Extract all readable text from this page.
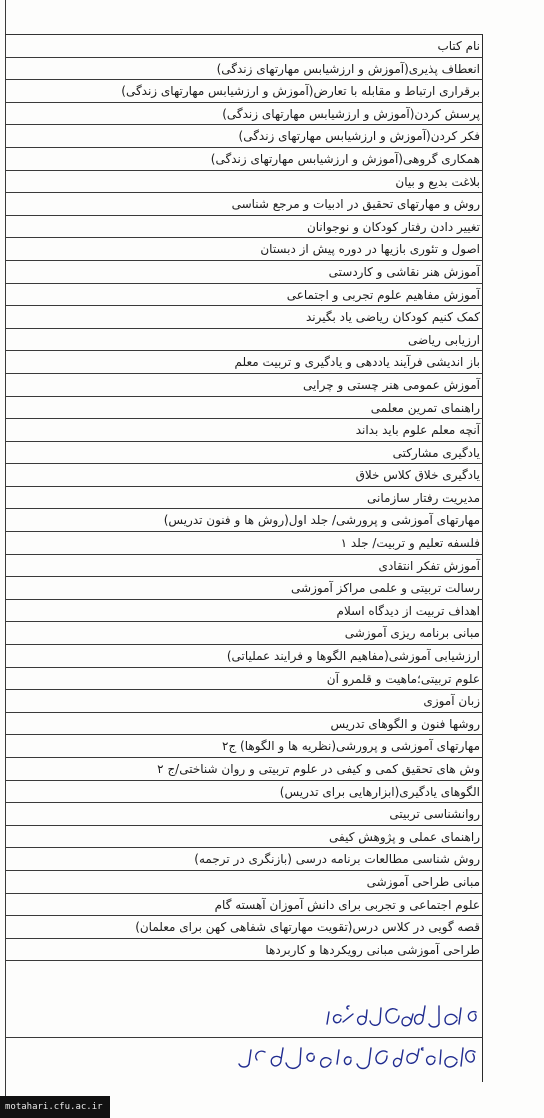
نام کتاب
انعطاف پذیری(آموزش و ارزشیابس مهارتهای زندگی)
برقراری ارتباط و مقابله با تعارض(آموزش و ارزشیابس مهارتهای زندگی)
پرسش کردن(آموزش و ارزشیابس مهارتهای زندگی)
فکر کردن(آموزش و ارزشیابس مهارتهای زندگی)
همکاری گروهی(آموزش و ارزشیابس مهارتهای زندگی)
بلاغت بدیع و بیان
روش و مهارتهای تحقیق در ادبیات و مرجع شناسی
تغییر دادن رفتار کودکان و نوجوانان
اصول و تئوری بازیها در دوره پیش از دبستان
آموزش هنر نقاشی و کاردستی
آموزش مفاهیم علوم تجربی و اجتماعی
کمک کنیم کودکان ریاضی یاد بگیرند
ارزیابی ریاضی
باز اندیشی فرآیند یاددهی و یادگیری و تربیت معلم
آموزش عمومی هنر چستی و چرایی
راهنمای تمرین معلمی
آنچه معلم علوم باید بداند
یادگیری مشارکتی
یادگیری خلاق کلاس خلاق
مدیریت رفتار سازمانی
مهارتهای آموزشی و پرورشی/ جلد اول(روش ها و فنون تدریس)
فلسفه تعلیم و تربیت/ جلد ۱
آموزش تفکر انتقادی
رسالت تربیتی و علمی مراکز آموزشی
اهداف تربیت از دیدگاه اسلام
مبانی برنامه ریزی آموزشی
ارزشیابی آموزشی(مفاهیم الگوها و فرایند عملیاتی)
علوم تربیتی؛ماهیت و قلمرو آن
زبان آموزی
روشها فنون و الگوهای تدریس
مهارتهای آموزشی و پرورشی(نظریه ها و الگوها) ج۲
وش های تحقیق کمی و کیفی در علوم تربیتی و روان شناختی/ج ۲
الگوهای یادگیری(ابزارهایی برای تدریس)
روانشناسی تربیتی
راهنمای عملی و پژوهش کیفی
روش شناسی مطالعات برنامه درسی (بازنگری در ترجمه)
مبانی طراحی آموزشی
علوم اجتماعی و تجربی برای دانش آموزان آهسته گام
قصه گویی در کلاس درس(تقویت مهارتهای شفاهی کهن برای معلمان)
طراحی آموزشی مبانی رویکردها و کاربردها
motahari.cfu.ac.ir
